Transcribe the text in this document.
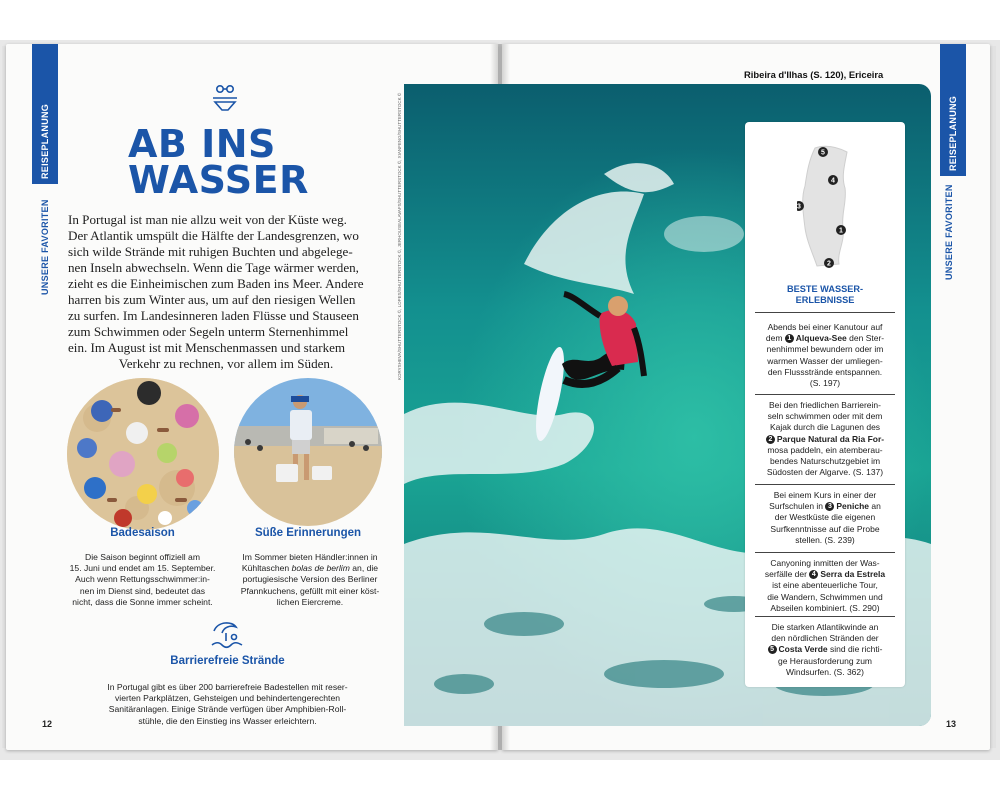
REISEPLANUNG
UNSERE FAVORITEN
AB INS
WASSER
In Portugal ist man nie allzu weit von der Küste weg.
Der Atlantik umspült die Hälfte der Landesgrenzen, wo
sich wilde Strände mit ruhigen Buchten und abgelege-
nen Inseln abwechseln. Wenn die Tage wärmer werden,
zieht es die Einheimischen zum Baden ins Meer. Andere
harren bis zum Winter aus, um auf den riesigen Wellen
zu surfen. Im Landesinneren laden Flüsse und Stauseen
zum Schwimmen oder Segeln unterm Sternenhimmel
ein. Im August ist mit Menschenmassen und starkem
Verkehr zu rechnen, vor allem im Süden.
Badesaison
Die Saison beginnt offiziell am
15. Juni und endet am 15. September.
Auch wenn Rettungsschwimmer:in-
nen im Dienst sind, bedeutet das
nicht, dass die Sonne immer scheint.
Süße Erinnerungen
Im Sommer bieten Händler:innen in
Kühltaschen bolas de berlim an, die
portugiesische Version des Berliner
Pfannkuchens, gefüllt mit einer köst-
lichen Eiercreme.
Barrierefreie Strände
In Portugal gibt es über 200 barrierefreie Badestellen mit reser-
vierten Parkplätzen, Gehsteigen und behindertengerechten
Sanitäranlagen. Einige Strände verfügen über Amphibien-Roll-
stühle, die den Einstieg ins Wasser erleichtern.
12
Ribeira d'Ilhas (S. 120), Ericeira
REISEPLANUNG
UNSERE FAVORITEN
KORYSHEVA/SHUTTERSTOCK ©, LOPES/SHUTTERSTOCK ©, JERHOUSEALAVAFS/SHUTTERSTOCK ©, XIANFENG/SHUTTERSTOCK ©	5
4
3
1
2
BESTE WASSER-
ERLEBNISSE
Abends bei einer Kanutour auf
dem 1 Alqueva-See den Ster-
nenhimmel bewundern oder im
warmen Wasser der umliegen-
den Flussstrände entspannen.
(S. 197)
Bei den friedlichen Barrierein-
seln schwimmen oder mit dem
Kajak durch die Lagunen des
2 Parque Natural da Ria For-
mosa paddeln, ein atemberau-
bendes Naturschutzgebiet im
Südosten der Algarve. (S. 137)
Bei einem Kurs in einer der
Surfschulen in 3 Peniche an
der Westküste die eigenen
Surfkenntnisse auf die Probe
stellen. (S. 239)
Canyoning inmitten der Was-
serfälle der 4 Serra da Estrela
ist eine abenteuerliche Tour,
die Wandern, Schwimmen und
Abseilen kombiniert. (S. 290)
Die starken Atlantikwinde an
den nördlichen Stränden der
5 Costa Verde sind die richti-
ge Herausforderung zum
Windsurfen. (S. 362)
13
